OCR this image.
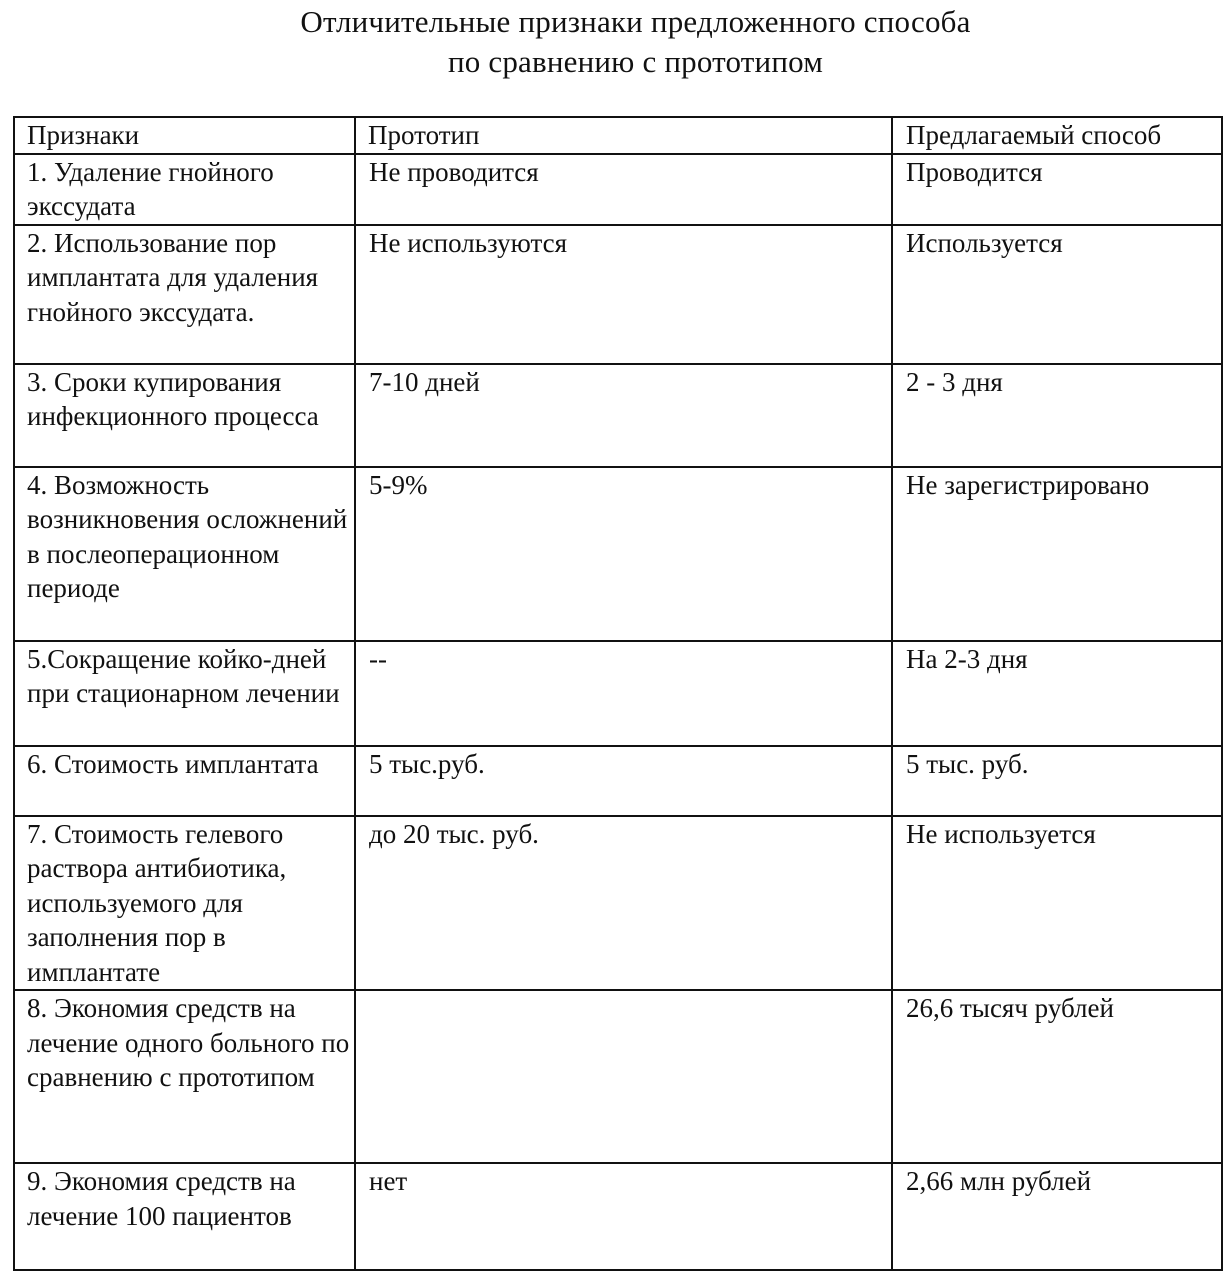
Отличительные признаки предложенного способа
по сравнению с прототипом
Признаки	Прототип	Предлагаемый способ
1. Удаление гнойного экссудата	Не проводится	Проводится
2. Использование пор имплантата для удаления гнойного экссудата.	Не используются	Используется
3. Сроки купирования инфекционного процесса	7-10 дней	2 - 3 дня
4. Возможность возникновения осложнений в послеоперационном периоде	5-9%	Не зарегистрировано
5.Сокращение койко-дней при стационарном лечении	--	На 2-3 дня
6. Стоимость имплантата	5 тыс.руб.	5 тыс. руб.
7. Стоимость гелевого раствора антибиотика, используемого для заполнения пор в имплантате	до 20 тыс. руб.	Не используется
8. Экономия средств на лечение одного больного по сравнению с прототипом		26,6 тысяч рублей
9. Экономия средств на лечение 100 пациентов	нет	2,66 млн рублей
